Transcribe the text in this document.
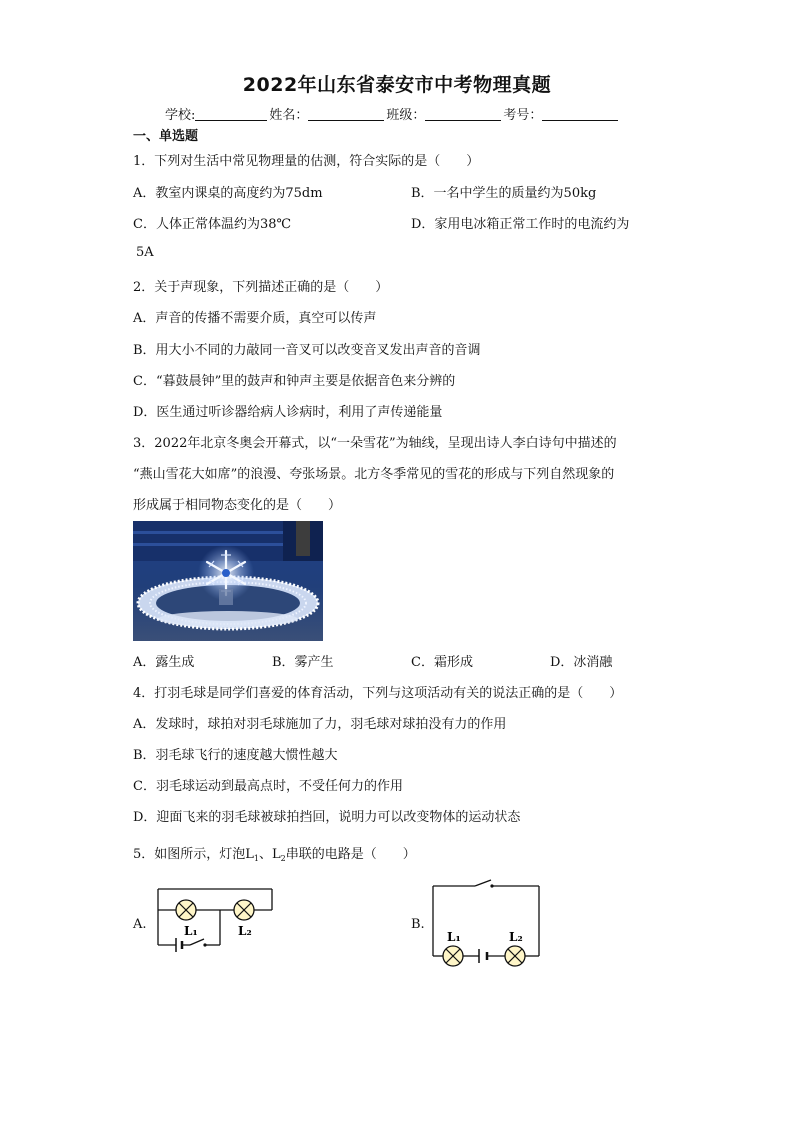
2022年山东省泰安市中考物理真题
学校:	姓名：	班级：	考号：
一、单选题
1．下列对生活中常见物理量的估测，符合实际的是（　　）
A．教室内课桌的高度约为75dm	B．一名中学生的质量约为50kg
C．人体正常体温约为38℃	D．家用电冰箱正常工作时的电流约为
5A
2．关于声现象，下列描述正确的是（　　）
A．声音的传播不需要介质，真空可以传声
B．用大小不同的力敲同一音叉可以改变音叉发出声音的音调
C．“暮鼓晨钟”里的鼓声和钟声主要是依据音色来分辨的
D．医生通过听诊器给病人诊病时，利用了声传递能量
3．2022年北京冬奥会开幕式，以“一朵雪花”为轴线，呈现出诗人李白诗句中描述的
“燕山雪花大如席”的浪漫、夸张场景。北方冬季常见的雪花的形成与下列自然现象的
形成属于相同物态变化的是（　　）
A．露生成	B．雾产生	C．霜形成	D．冰消融
4．打羽毛球是同学们喜爱的体育活动，下列与这项活动有关的说法正确的是（　　）
A．发球时，球拍对羽毛球施加了力，羽毛球对球拍没有力的作用
B．羽毛球飞行的速度越大惯性越大
C．羽毛球运动到最高点时，不受任何力的作用
D．迎面飞来的羽毛球被球拍挡回，说明力可以改变物体的运动状态
5．如图所示，灯泡$L_1$、$L_2$串联的电路是（　　）
A.	B.
L₁	L₂	L₁	L₂
